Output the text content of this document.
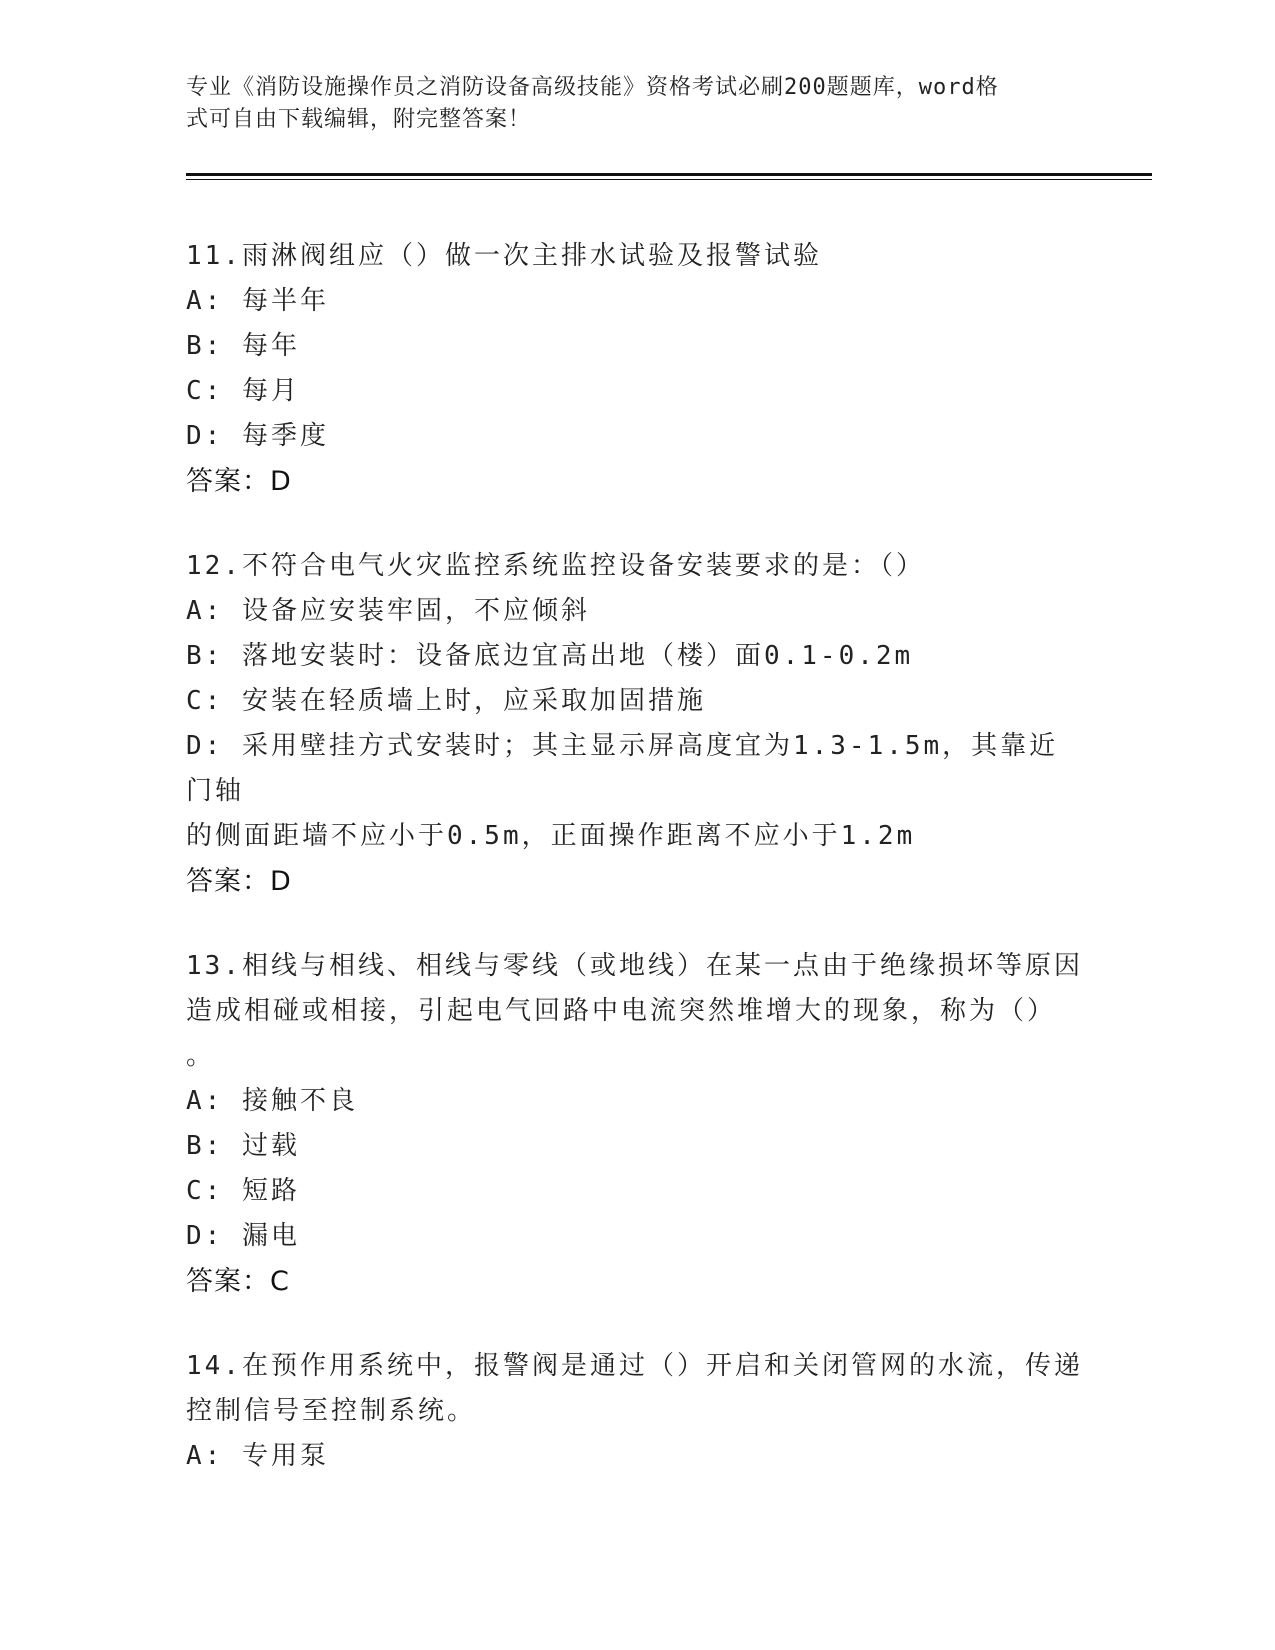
专业《消防设施操作员之消防设备高级技能》资格考试必刷200题题库，word格
式可自由下载编辑，附完整答案！
11.雨淋阀组应（）做一次主排水试验及报警试验
A: 每半年
B: 每年
C: 每月
D: 每季度
答案：D
12.不符合电气火灾监控系统监控设备安装要求的是：（）
A: 设备应安装牢固，不应倾斜
B: 落地安装时：设备底边宜高出地（楼）面0.1-0.2m
C: 安装在轻质墙上时，应采取加固措施
D: 采用壁挂方式安装时；其主显示屏高度宜为1.3-1.5m，其靠近门轴
的侧面距墙不应小于0.5m，正面操作距离不应小于1.2m
答案：D
13.相线与相线、相线与零线（或地线）在某一点由于绝缘损坏等原因
造成相碰或相接，引起电气回路中电流突然堆增大的现象，称为（）
。
A: 接触不良
B: 过载
C: 短路
D: 漏电
答案：C
14.在预作用系统中，报警阀是通过（）开启和关闭管网的水流，传递
控制信号至控制系统。
A: 专用泵
